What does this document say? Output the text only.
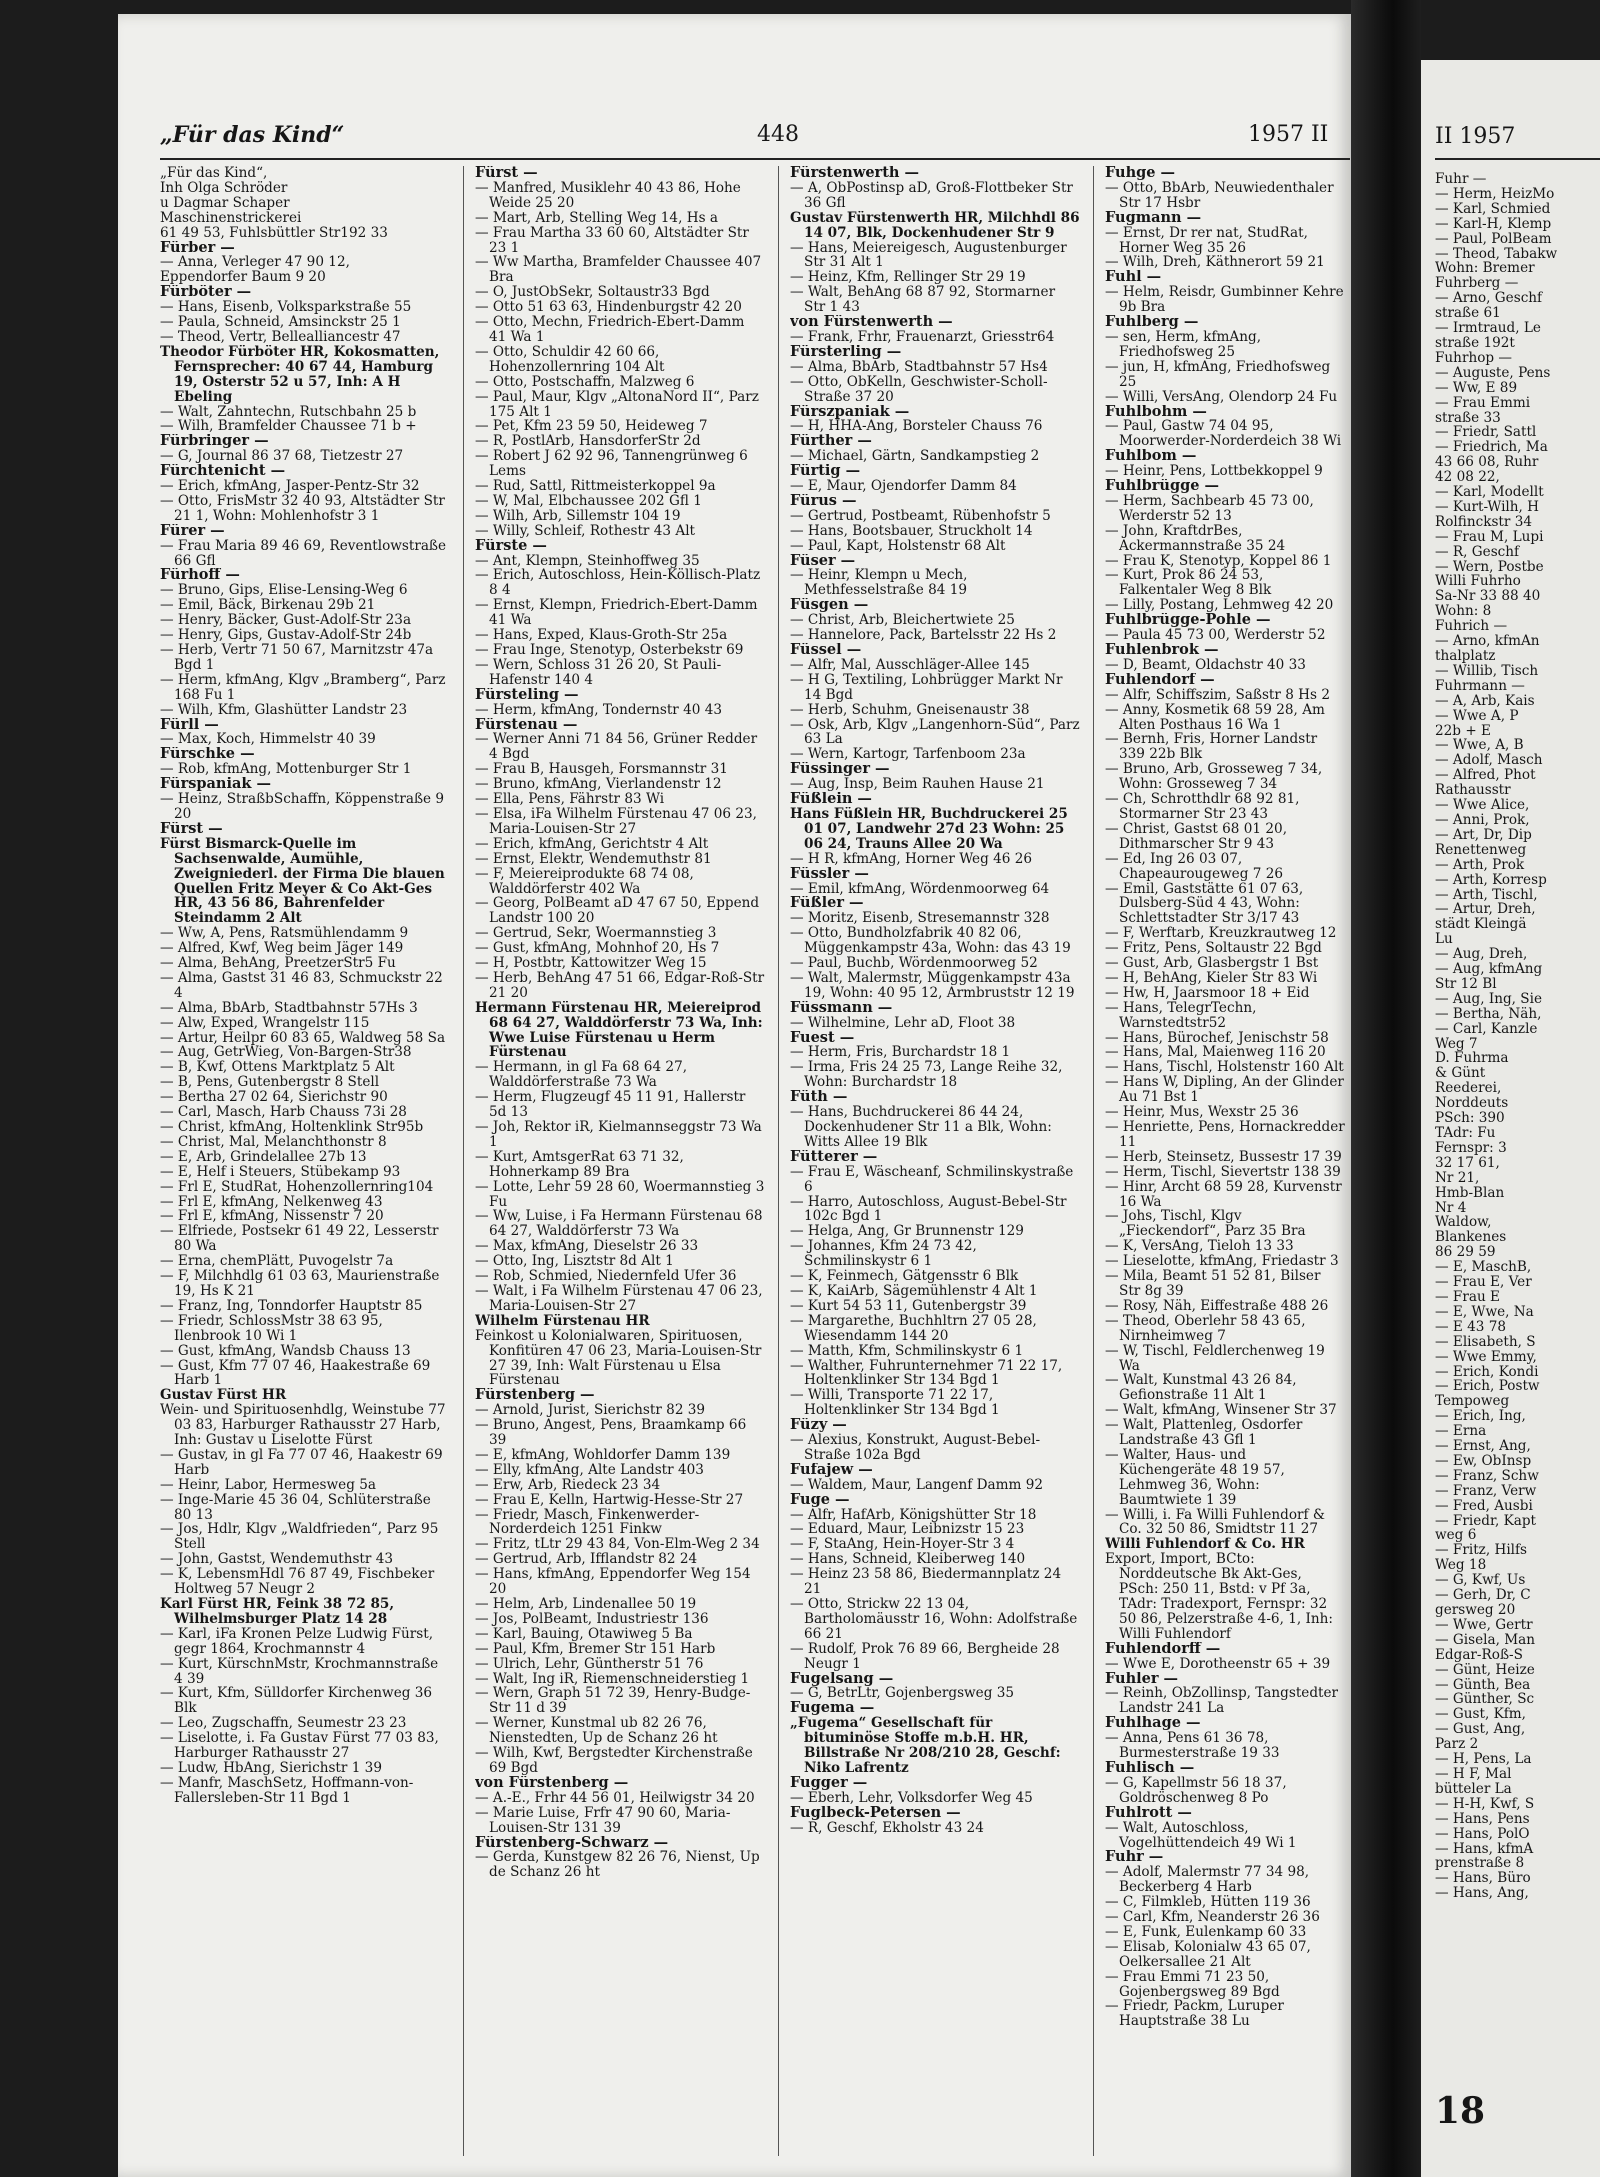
„Für das Kind“	448	1957 II

„Für das Kind“,

Inh Olga Schröder

u Dagmar Schaper

Maschinenstrickerei

61 49 53, Fuhlsbüttler Str192 33

Fürber —

— Anna, Verleger 47 90 12,

Eppendorfer Baum 9 20

Fürböter —

— Hans, Eisenb, Volksparkstraße 55

— Paula, Schneid, Amsinckstr 25 1

— Theod, Vertr, Bellealliancestr 47

Theodor Fürböter HR, Kokosmatten, Fernsprecher: 40 67 44, Hamburg 19, Osterstr 52 u 57, Inh: A H Ebeling

— Walt, Zahntechn, Rutschbahn 25 b

— Wilh, Bramfelder Chaussee 71 b +

Fürbringer —

— G, Journal 86 37 68, Tietzestr 27

Fürchtenicht —

— Erich, kfmAng, Jasper-Pentz-Str 32

— Otto, FrisMstr 32 40 93, Altstädter Str 21 1, Wohn: Mohlenhofstr 3 1

Fürer —

— Frau Maria 89 46 69, Reventlowstraße 66 Gfl

Fürhoff —

— Bruno, Gips, Elise-Lensing-Weg 6

— Emil, Bäck, Birkenau 29b 21

— Henry, Bäcker, Gust-Adolf-Str 23a

— Henry, Gips, Gustav-Adolf-Str 24b

— Herb, Vertr 71 50 67, Marnitzstr 47a Bgd 1

— Herm, kfmAng, Klgv „Bramberg“, Parz 168 Fu 1

— Wilh, Kfm, Glashütter Landstr 23

Fürll —

— Max, Koch, Himmelstr 40 39

Fürschke —

— Rob, kfmAng, Mottenburger Str 1

Fürspaniak —

— Heinz, StraßbSchaffn, Köppenstraße 9 20

Fürst —

Fürst Bismarck-Quelle im Sachsenwalde, Aumühle, Zweigniederl. der Firma Die blauen Quellen Fritz Meyer & Co Akt-Ges HR, 43 56 86, Bahrenfelder Steindamm 2 Alt

— Ww, A, Pens, Ratsmühlendamm 9

— Alfred, Kwf, Weg beim Jäger 149

— Alma, BehAng, PreetzerStr5 Fu

— Alma, Gastst 31 46 83, Schmuckstr 22 4

— Alma, BbArb, Stadtbahnstr 57Hs 3

— Alw, Exped, Wrangelstr 115

— Artur, Heilpr 60 83 65, Waldweg 58 Sa

— Aug, GetrWieg, Von-Bargen-Str38

— B, Kwf, Ottens Marktplatz 5 Alt

— B, Pens, Gutenbergstr 8 Stell

— Bertha 27 02 64, Sierichstr 90

— Carl, Masch, Harb Chauss 73i 28

— Christ, kfmAng, Holtenklink Str95b

— Christ, Mal, Melanchthonstr 8

— E, Arb, Grindelallee 27b 13

— E, Helf i Steuers, Stübekamp 93

— Frl E, StudRat, Hohenzollernring104

— Frl E, kfmAng, Nelkenweg 43

— Frl E, kfmAng, Nissenstr 7 20

— Elfriede, Postsekr 61 49 22, Lesserstr 80 Wa

— Erna, chemPlätt, Puvogelstr 7a

— F, Milchhdlg 61 03 63, Maurienstraße 19, Hs K 21

— Franz, Ing, Tonndorfer Hauptstr 85

— Friedr, SchlossMstr 38 63 95, Ilenbrook 10 Wi 1

— Gust, kfmAng, Wandsb Chauss 13

— Gust, Kfm 77 07 46, Haakestraße 69 Harb 1

Gustav Fürst HR

Wein- und Spirituosenhdlg, Weinstube 77 03 83, Harburger Rathausstr 27 Harb, Inh: Gustav u Liselotte Fürst

— Gustav, in gl Fa 77 07 46, Haakestr 69 Harb

— Heinr, Labor, Hermesweg 5a

— Inge-Marie 45 36 04, Schlüterstraße 80 13

— Jos, Hdlr, Klgv „Waldfrieden“, Parz 95 Stell

— John, Gastst, Wendemuthstr 43

— K, LebensmHdl 76 87 49, Fischbeker Holtweg 57 Neugr 2

Karl Fürst HR, Feink 38 72 85, Wilhelmsburger Platz 14 28

— Karl, iFa Kronen Pelze Ludwig Fürst, gegr 1864, Krochmannstr 4

— Kurt, KürschnMstr, Krochmannstraße 4 39

— Kurt, Kfm, Sülldorfer Kirchenweg 36 Blk

— Leo, Zugschaffn, Seumestr 23 23

— Liselotte, i. Fa Gustav Fürst 77 03 83, Harburger Rathausstr 27

— Ludw, HbAng, Sierichstr 1 39

— Manfr, MaschSetz, Hoffmann-von-Fallersleben-Str 11 Bgd 1

Fürst —

— Manfred, Musiklehr 40 43 86, Hohe Weide 25 20

— Mart, Arb, Stelling Weg 14, Hs a

— Frau Martha 33 60 60, Altstädter Str 23 1

— Ww Martha, Bramfelder Chaussee 407 Bra

— O, JustObSekr, Soltaustr33 Bgd

— Otto 51 63 63, Hindenburgstr 42 20

— Otto, Mechn, Friedrich-Ebert-Damm 41 Wa 1

— Otto, Schuldir 42 60 66, Hohenzollernring 104 Alt

— Otto, Postschaffn, Malzweg 6

— Paul, Maur, Klgv „AltonaNord II“, Parz 175 Alt 1

— Pet, Kfm 23 59 50, Heideweg 7

— R, PostlArb, HansdorferStr 2d

— Robert J 62 92 96, Tannengrünweg 6 Lems

— Rud, Sattl, Rittmeisterkoppel 9a

— W, Mal, Elbchaussee 202 Gfl 1

— Wilh, Arb, Sillemstr 104 19

— Willy, Schleif, Rothestr 43 Alt

Fürste —

— Ant, Klempn, Steinhoffweg 35

— Erich, Autoschloss, Hein-Köllisch-Platz 8 4

— Ernst, Klempn, Friedrich-Ebert-Damm 41 Wa

— Hans, Exped, Klaus-Groth-Str 25a

— Frau Inge, Stenotyp, Osterbekstr 69

— Wern, Schloss 31 26 20, St Pauli-Hafenstr 140 4

Fürsteling —

— Herm, kfmAng, Tondernstr 40 43

Fürstenau —

— Werner Anni 71 84 56, Grüner Redder 4 Bgd

— Frau B, Hausgeh, Forsmannstr 31

— Bruno, kfmAng, Vierlandenstr 12

— Ella, Pens, Fährstr 83 Wi

— Elsa, iFa Wilhelm Fürstenau 47 06 23, Maria-Louisen-Str 27

— Erich, kfmAng, Gerichtstr 4 Alt

— Ernst, Elektr, Wendemuthstr 81

— F, Meiereiprodukte 68 74 08, Walddörferstr 402 Wa

— Georg, PolBeamt aD 47 67 50, Eppend Landstr 100 20

— Gertrud, Sekr, Woermannstieg 3

— Gust, kfmAng, Mohnhof 20, Hs 7

— H, Postbtr, Kattowitzer Weg 15

— Herb, BehAng 47 51 66, Edgar-Roß-Str 21 20

Hermann Fürstenau HR, Meiereiprod 68 64 27, Walddörferstr 73 Wa, Inh: Wwe Luise Fürstenau u Herm Fürstenau

— Hermann, in gl Fa 68 64 27, Walddörferstraße 73 Wa

— Herm, Flugzeugf 45 11 91, Hallerstr 5d 13

— Joh, Rektor iR, Kielmannseggstr 73 Wa 1

— Kurt, AmtsgerRat 63 71 32, Hohnerkamp 89 Bra

— Lotte, Lehr 59 28 60, Woermannstieg 3 Fu

— Ww, Luise, i Fa Hermann Fürstenau 68 64 27, Walddörferstr 73 Wa

— Max, kfmAng, Dieselstr 26 33

— Otto, Ing, Lisztstr 8d Alt 1

— Rob, Schmied, Niedernfeld Ufer 36

— Walt, i Fa Wilhelm Fürstenau 47 06 23, Maria-Louisen-Str 27

Wilhelm Fürstenau HR

Feinkost u Kolonialwaren, Spirituosen, Konfitüren 47 06 23, Maria-Louisen-Str 27 39, Inh: Walt Fürstenau u Elsa Fürstenau

Fürstenberg —

— Arnold, Jurist, Sierichstr 82 39

— Bruno, Angest, Pens, Braamkamp 66 39

— E, kfmAng, Wohldorfer Damm 139

— Elly, kfmAng, Alte Landstr 403

— Erw, Arb, Riedeck 23 34

— Frau E, Kelln, Hartwig-Hesse-Str 27

— Friedr, Masch, Finkenwerder-Norderdeich 1251 Finkw

— Fritz, tLtr 29 43 84, Von-Elm-Weg 2 34

— Gertrud, Arb, Ifflandstr 82 24

— Hans, kfmAng, Eppendorfer Weg 154 20

— Helm, Arb, Lindenallee 50 19

— Jos, PolBeamt, Industriestr 136

— Karl, Bauing, Otawiweg 5 Ba

— Paul, Kfm, Bremer Str 151 Harb

— Ulrich, Lehr, Güntherstr 51 76

— Walt, Ing iR, Riemenschneiderstieg 1

— Wern, Graph 51 72 39, Henry-Budge-Str 11 d 39

— Werner, Kunstmal ub 82 26 76, Nienstedten, Up de Schanz 26 ht

— Wilh, Kwf, Bergstedter Kirchenstraße 69 Bgd

von Fürstenberg —

— A.-E., Frhr 44 56 01, Heilwigstr 34 20

— Marie Luise, Frfr 47 90 60, Maria-Louisen-Str 131 39

Fürstenberg-Schwarz —

— Gerda, Kunstgew 82 26 76, Nienst, Up de Schanz 26 ht

Fürstenwerth —

— A, ObPostinsp aD, Groß-Flottbeker Str 36 Gfl

Gustav Fürstenwerth HR, Milchhdl 86 14 07, Blk, Dockenhudener Str 9

— Hans, Meiereigesch, Augustenburger Str 31 Alt 1

— Heinz, Kfm, Rellinger Str 29 19

— Walt, BehAng 68 87 92, Stormarner Str 1 43

von Fürstenwerth —

— Frank, Frhr, Frauenarzt, Griesstr64

Fürsterling —

— Alma, BbArb, Stadtbahnstr 57 Hs4

— Otto, ObKelln, Geschwister-Scholl-Straße 37 20

Fürszpaniak —

— H, HHA-Ang, Borsteler Chauss 76

Fürther —

— Michael, Gärtn, Sandkampstieg 2

Fürtig —

— E, Maur, Ojendorfer Damm 84

Fürus —

— Gertrud, Postbeamt, Rübenhofstr 5

— Hans, Bootsbauer, Struckholt 14

— Paul, Kapt, Holstenstr 68 Alt

Füser —

— Heinr, Klempn u Mech, Methfesselstraße 84 19

Füsgen —

— Christ, Arb, Bleichertwiete 25

— Hannelore, Pack, Bartelsstr 22 Hs 2

Füssel —

— Alfr, Mal, Ausschläger-Allee 145

— H G, Textiling, Lohbrügger Markt Nr 14 Bgd

— Herb, Schuhm, Gneisenaustr 38

— Osk, Arb, Klgv „Langenhorn-Süd“, Parz 63 La

— Wern, Kartogr, Tarfenboom 23a

Füssinger —

— Aug, Insp, Beim Rauhen Hause 21

Füßlein —

Hans Füßlein HR, Buchdruckerei 25 01 07, Landwehr 27d 23 Wohn: 25 06 24, Trauns Allee 20 Wa

— H R, kfmAng, Horner Weg 46 26

Füssler —

— Emil, kfmAng, Wördenmoorweg 64

Füßler —

— Moritz, Eisenb, Stresemannstr 328

— Otto, Bundholzfabrik 40 82 06, Müggenkampstr 43a, Wohn: das 43 19

— Paul, Buchb, Wördenmoorweg 52

— Walt, Malermstr, Müggenkampstr 43a 19, Wohn: 40 95 12, Armbruststr 12 19

Füssmann —

— Wilhelmine, Lehr aD, Floot 38

Fuest —

— Herm, Fris, Burchardstr 18 1

— Irma, Fris 24 25 73, Lange Reihe 32, Wohn: Burchardstr 18

Füth —

— Hans, Buchdruckerei 86 44 24, Dockenhudener Str 11 a Blk, Wohn: Witts Allee 19 Blk

Fütterer —

— Frau E, Wäscheanf, Schmilinskystraße 6

— Harro, Autoschloss, August-Bebel-Str 102c Bgd 1

— Helga, Ang, Gr Brunnenstr 129

— Johannes, Kfm 24 73 42, Schmilinskystr 6 1

— K, Feinmech, Gätgensstr 6 Blk

— K, KaiArb, Sägemühlenstr 4 Alt 1

— Kurt 54 53 11, Gutenbergstr 39

— Margarethe, Buchhltrn 27 05 28, Wiesendamm 144 20

— Matth, Kfm, Schmilinskystr 6 1

— Walther, Fuhrunternehmer 71 22 17, Holtenklinker Str 134 Bgd 1

— Willi, Transporte 71 22 17, Holtenklinker Str 134 Bgd 1

Füzy —

— Alexius, Konstrukt, August-Bebel-Straße 102a Bgd

Fufajew —

— Waldem, Maur, Langenf Damm 92

Fuge —

— Alfr, HafArb, Königshütter Str 18

— Eduard, Maur, Leibnizstr 15 23

— F, StaAng, Hein-Hoyer-Str 3 4

— Hans, Schneid, Kleiberweg 140

— Heinz 23 58 86, Biedermannplatz 24 21

— Otto, Strickw 22 13 04, Bartholomäusstr 16, Wohn: Adolfstraße 66 21

— Rudolf, Prok 76 89 66, Bergheide 28 Neugr 1

Fugelsang —

— G, BetrLtr, Gojenbergsweg 35

Fugema —

„Fugema“ Gesellschaft für bituminöse Stoffe m.b.H. HR, Billstraße Nr 208/210 28, Geschf: Niko Lafrentz

Fugger —

— Eberh, Lehr, Volksdorfer Weg 45

Fuglbeck-Petersen —

— R, Geschf, Ekholstr 43 24

Fuhge —

— Otto, BbArb, Neuwiedenthaler Str 17 Hsbr

Fugmann —

— Ernst, Dr rer nat, StudRat, Horner Weg 35 26

— Wilh, Dreh, Käthnerort 59 21

Fuhl —

— Helm, Reisdr, Gumbinner Kehre 9b Bra

Fuhlberg —

— sen, Herm, kfmAng, Friedhofsweg 25

— jun, H, kfmAng, Friedhofsweg 25

— Willi, VersAng, Olendorp 24 Fu

Fuhlbohm —

— Paul, Gastw 74 04 95, Moorwerder-Norderdeich 38 Wi

Fuhlbom —

— Heinr, Pens, Lottbekkoppel 9

Fuhlbrügge —

— Herm, Sachbearb 45 73 00, Werderstr 52 13

— John, KraftdrBes, Ackermannstraße 35 24

— Frau K, Stenotyp, Koppel 86 1

— Kurt, Prok 86 24 53, Falkentaler Weg 8 Blk

— Lilly, Postang, Lehmweg 42 20

Fuhlbrügge-Pohle —

— Paula 45 73 00, Werderstr 52

Fuhlenbrok —

— D, Beamt, Oldachstr 40 33

Fuhlendorf —

— Alfr, Schiffszim, Saßstr 8 Hs 2

— Anny, Kosmetik 68 59 28, Am Alten Posthaus 16 Wa 1

— Bernh, Fris, Horner Landstr 339 22b Blk

— Bruno, Arb, Grosseweg 7 34, Wohn: Grosseweg 7 34

— Ch, Schrotthdlr 68 92 81, Stormarner Str 23 43

— Christ, Gastst 68 01 20, Dithmarscher Str 9 43

— Ed, Ing 26 03 07, Chapeaurougeweg 7 26

— Emil, Gaststätte 61 07 63, Dulsberg-Süd 4 43, Wohn: Schlettstadter Str 3/17 43

— F, Werftarb, Kreuzkrautweg 12

— Fritz, Pens, Soltaustr 22 Bgd

— Gust, Arb, Glasbergstr 1 Bst

— H, BehAng, Kieler Str 83 Wi

— Hw, H, Jaarsmoor 18 + Eid

— Hans, TelegrTechn, Warnstedtstr52

— Hans, Bürochef, Jenischstr 58

— Hans, Mal, Maienweg 116 20

— Hans, Tischl, Holstenstr 160 Alt

— Hans W, Dipling, An der Glinder Au 71 Bst 1

— Heinr, Mus, Wexstr 25 36

— Henriette, Pens, Hornackredder 11

— Herb, Steinsetz, Bussestr 17 39

— Herm, Tischl, Sievertstr 138 39

— Hinr, Archt 68 59 28, Kurvenstr 16 Wa

— Johs, Tischl, Klgv „Fieckendorf“, Parz 35 Bra

— K, VersAng, Tieloh 13 33

— Lieselotte, kfmAng, Friedastr 3

— Mila, Beamt 51 52 81, Bilser Str 8g 39

— Rosy, Näh, Eiffestraße 488 26

— Theod, Oberlehr 58 43 65, Nirnheimweg 7

— W, Tischl, Feldlerchenweg 19 Wa

— Walt, Kunstmal 43 26 84, Gefionstraße 11 Alt 1

— Walt, kfmAng, Winsener Str 37

— Walt, Plattenleg, Osdorfer Landstraße 43 Gfl 1

— Walter, Haus- und Küchengeräte 48 19 57, Lehmweg 36, Wohn: Baumtwiete 1 39

— Willi, i. Fa Willi Fuhlendorf & Co. 32 50 86, Smidtstr 11 27

Willi Fuhlendorf & Co. HR

Export, Import, BCto: Norddeutsche Bk Akt-Ges, PSch: 250 11, Bstd: v Pf 3a, TAdr: Tradexport, Fernspr: 32 50 86, Pelzerstraße 4-6, 1, Inh: Willi Fuhlendorf

Fuhlendorff —

— Wwe E, Dorotheenstr 65 + 39

Fuhler —

— Reinh, ObZollinsp, Tangstedter Landstr 241 La

Fuhlhage —

— Anna, Pens 61 36 78, Burmesterstraße 19 33

Fuhlisch —

— G, Kapellmstr 56 18 37, Goldröschenweg 8 Po

Fuhlrott —

— Walt, Autoschloss, Vogelhüttendeich 49 Wi 1

Fuhr —

— Adolf, Malermstr 77 34 98, Beckerberg 4 Harb

— C, Filmkleb, Hütten 119 36

— Carl, Kfm, Neanderstr 26 36

— E, Funk, Eulenkamp 60 33

— Elisab, Kolonialw 43 65 07, Oelkersallee 21 Alt

— Frau Emmi 71 23 50, Gojenbergsweg 89 Bgd

— Friedr, Packm, Luruper Hauptstraße 38 Lu

II 1957

Fuhr —

— Herm, HeizMo

— Karl, Schmied

— Karl-H, Klemp

— Paul, PolBeam

— Theod, Tabakw

Wohn: Bremer

Fuhrberg —

— Arno, Geschf

straße 61

— Irmtraud, Le

straße 192t

Fuhrhop —

— Auguste, Pens

— Ww, E 89

— Frau Emmi

straße 33

— Friedr, Sattl

— Friedrich, Ma

43 66 08, Ruhr

42 08 22,

— Karl, Modellt

— Kurt-Wilh, H

Rolfinckstr 34

— Frau M, Lupi

— R, Geschf

— Wern, Postbe

Willi Fuhrho

Sa-Nr 33 88 40

Wohn: 8

Fuhrich —

— Arno, kfmAn

thalplatz

— Willib, Tisch

Fuhrmann —

— A, Arb, Kais

— Wwe A, P

22b + E

— Wwe, A, B

— Adolf, Masch

— Alfred, Phot

Rathausstr

— Wwe Alice,

— Anni, Prok,

— Art, Dr, Dip

Renettenweg

— Arth, Prok

— Arth, Korresp

— Arth, Tischl,

— Artur, Dreh,

städt Kleingä

Lu

— Aug, Dreh,

— Aug, kfmAng

Str 12 Bl

— Aug, Ing, Sie

— Bertha, Näh,

— Carl, Kanzle

Weg 7

D. Fuhrma

& Günt

Reederei,

Norddeuts

PSch: 390

TAdr: Fu

Fernspr: 3

32 17 61,

Nr 21,

Hmb-Blan

Nr 4

Waldow,

Blankenes

86 29 59

— E, MaschB,

— Frau E, Ver

— Frau E

— E, Wwe, Na

— E 43 78

— Elisabeth, S

— Wwe Emmy,

— Erich, Kondi

— Erich, Postw

Tempoweg

— Erich, Ing,

— Erna

— Ernst, Ang,

— Ew, ObInsp

— Franz, Schw

— Franz, Verw

— Fred, Ausbi

— Friedr, Kapt

weg 6

— Fritz, Hilfs

Weg 18

— G, Kwf, Us

— Gerh, Dr, C

gersweg 20

— Wwe, Gertr

— Gisela, Man

Edgar-Roß-S

— Günt, Heize

— Günth, Bea

— Günther, Sc

— Gust, Kfm,

— Gust, Ang,

Parz 2

— H, Pens, La

— H F, Mal

bütteler La

— H-H, Kwf, S

— Hans, Pens

— Hans, PolO

— Hans, kfmA

prenstraße 8

— Hans, Büro

— Hans, Ang,

18
